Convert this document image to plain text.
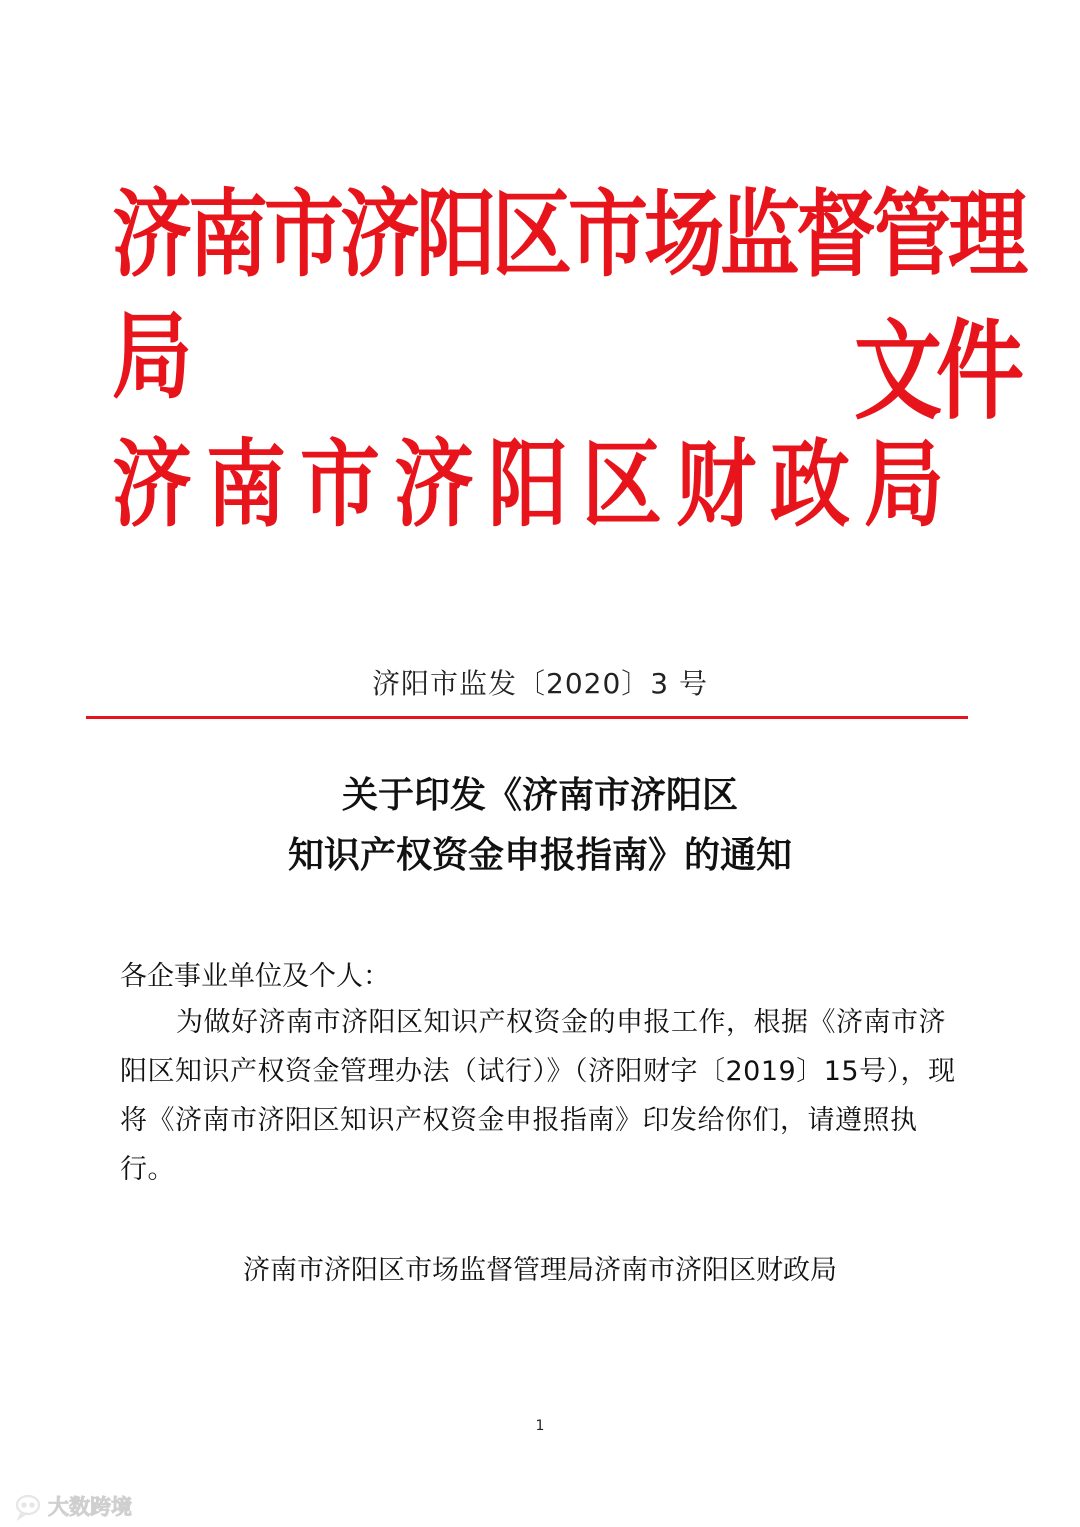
济南市济阳区市场监督管理
局
济南市济阳区财政局
文件
济阳市监发〔2020〕3 号
关于印发《济南市济阳区
知识产权资金申报指南》的通知
各企事业单位及个人：
为做好济南市济阳区知识产权资金的申报工作，根据《济南市济阳区知识产权资金管理办法（试行）》（济阳财字〔2019〕15号），现将《济南市济阳区知识产权资金申报指南》印发给你们，请遵照执行。
济南市济阳区市场监督管理局济南市济阳区财政局
1
大数跨境
